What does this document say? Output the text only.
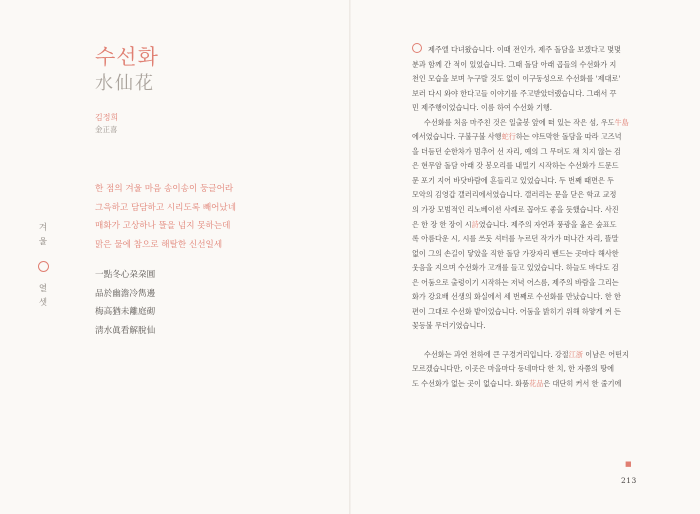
수선화
水仙花
김정희
金正喜
겨
울
열
셋
한 점의 겨울 마음 송이송이 둥글어라
그윽하고 담담하고 시리도록 빼어났네
매화가 고상하나 뜰을 넘지 못하는데
맑은 물에 참으로 해탈한 신선일세
一點冬心朶朶圓
品於幽澹冷雋邊
梅高猶未離庭砌
淸水眞看解脫仙
제주엘 다녀왔습니다. 이때 전인가, 제주 돌담을 보겠다고 몇몇
분과 함께 간 적이 있었습니다. 그때 돌담 아래 곱들의 수선화가 지
천인 모습을 보며 누구랄 것도 없이 이구동성으로 수선화를 '제대로'
보러 다시 와야 한다고들 이야기를 주고받았더랬습니다. 그래서 꾸
민 제주행이었습니다. 이름 하여 수선화 기행.
수선화를 처음 마주친 것은 일출봉 앞에 떠 있는 작은 섬, 우도牛島
에서였습니다. 구불구불 사행蛇行하는 야트막한 돌담을 따라 고즈넉
을 더듬던 순한차가 멈추어 선 자리, 예의 그 무뎌도 채 치지 않는 검
은 현무암 돌담 아래 갓 봉오리를 내밀기 시작하는 수선화가 드문드
문 포기 지어 바닷바람에 흔들리고 있었습니다. 두 번째 때면은 두
모악의 김영갑 갤러리에서였습니다. 갤러리는 문을 닫은 학교 교정
의 가장 모범적인 리노베이션 사례로 꼽아도 좋을 듯했습니다. 사진
은 한 장 한 장이 시詩였습니다. 제주의 자연과 풍광을 옮은 숲표도
록 아름다운 시, 시를 쓰듯 셔터를 누르던 작가가 떠나간 자리, 뜰말
없이 그의 손길이 닿았을 직한 돌담 가장자리 밴드는 곳마다 해사한
웃음을 지으며 수선화가 고개를 들고 있었습니다. 하늘도 바다도 검
은 어둠으로 출렁이기 시작하는 저녁 어스름, 제주의 바람을 그리는
화가 강요배 선생의 화실에서 세 번째로 수선화를 만났습니다. 한 한
편이 그대로 수선화 밭이었습니다. 어둠을 밝히기 위해 하얗게 켜 든
꽃등불 무더기였습니다.
수선화는 과연 천하에 큰 구경거리입니다. 강절江浙 이남은 어떤지
모르겠습니다만, 이곳은 마을마다 동네마다 한 치, 한 자쯤의 땅에
도 수선화가 없는 곳이 없습니다. 화품花品은 대단히 커서 한 줄기에
■
213
